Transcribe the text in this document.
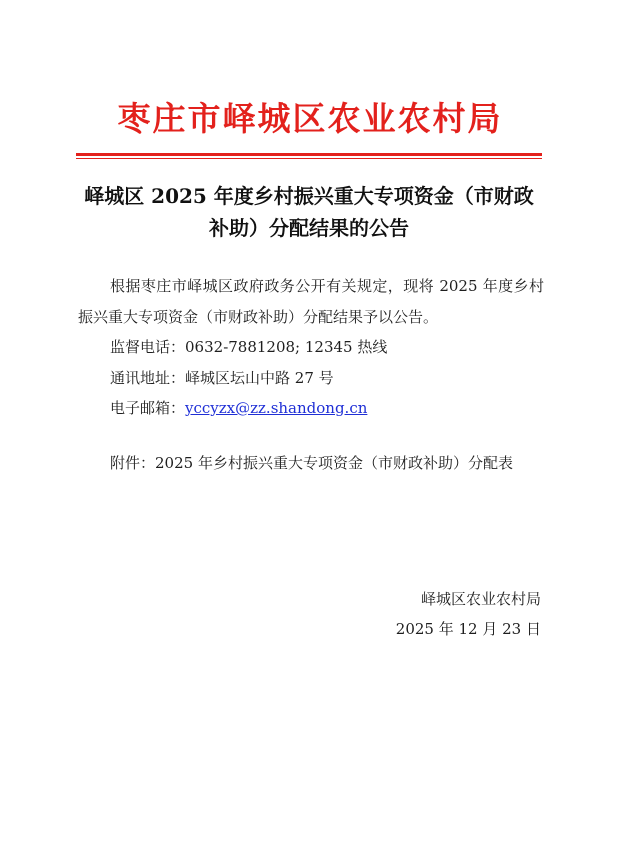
枣庄市峄城区农业农村局
峄城区 2025 年度乡村振兴重大专项资金（市财政补助）分配结果的公告

根据枣庄市峄城区政府政务公开有关规定，现将 2025 年度乡村振兴重大专项资金（市财政补助）分配结果予以公告。

监督电话：0632-7881208; 12345 热线

通讯地址：峄城区坛山中路 27 号

电子邮箱：yccyzx@zz.shandong.cn

附件：2025 年乡村振兴重大专项资金（市财政补助）分配表

峄城区农业农村局
2025 年 12 月 23 日
